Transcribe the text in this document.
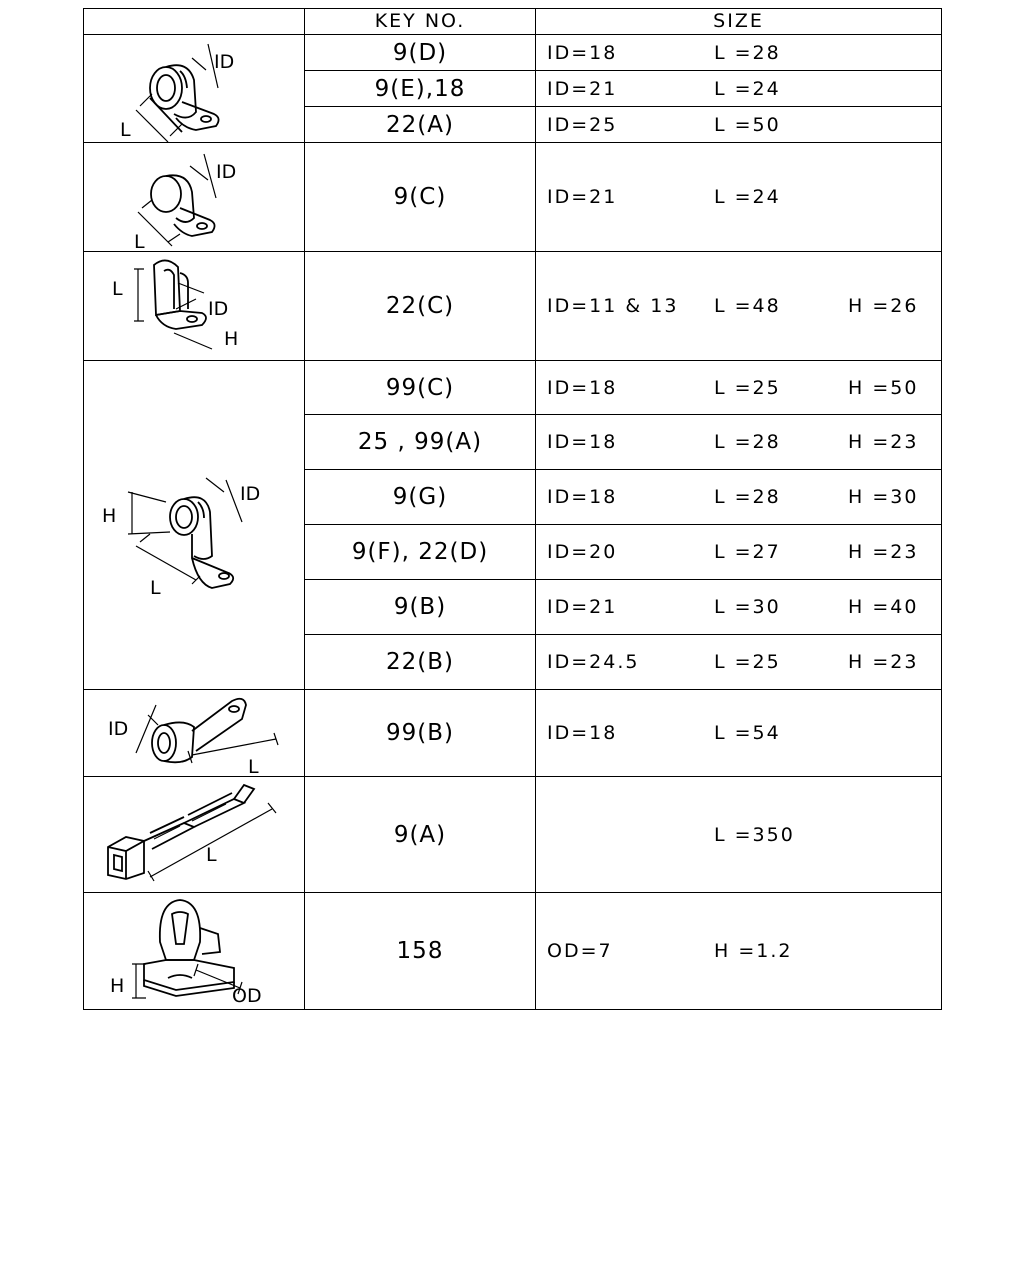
	KEY NO.	SIZE

ID
L	9(D)	ID=18 L =28

	9(E),18	ID=21 L =24

	22(A)	ID=25 L =50

ID
L	9(C)	ID=21 L =24

L
ID
H	22(C)	ID=11 & 13 L =48 H =26

H
ID
L	99(C)	ID=18 L =25 H =50

	25 , 99(A)	ID=18 L =28 H =23

	9(G)	ID=18 L =28 H =30

	9(F), 22(D)	ID=20 L =27 H =23

	9(B)	ID=21 L =30 H =40

	22(B)	ID=24.5 L =25 H =23

ID
L	99(B)	ID=18 L =54

L	9(A)	L =350

H OD	158	OD=7 H =1.2
